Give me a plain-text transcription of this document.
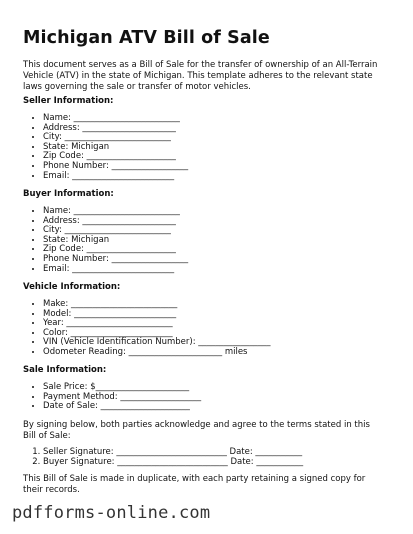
Michigan ATV Bill of Sale

This document serves as a Bill of Sale for the transfer of ownership of an All-Terrain Vehicle (ATV) in the state of Michigan. This template adheres to the relevant state laws governing the sale or transfer of motor vehicles.

Seller Information:
• Name: _________________________
• Address: ______________________
• City: _________________________
• State: Michigan
• Zip Code: _____________________
• Phone Number: __________________
• Email: ________________________
Buyer Information:
• Name: _________________________
• Address: ______________________
• City: _________________________
• State: Michigan
• Zip Code: _____________________
• Phone Number: __________________
• Email: ________________________
Vehicle Information:
• Make: _________________________
• Model: ________________________
• Year: _________________________
• Color: ________________________
• VIN (Vehicle Identification Number): _________________
• Odometer Reading: ______________________ miles
Sale Information:
• Sale Price: $______________________
• Payment Method: ___________________
• Date of Sale: _____________________

By signing below, both parties acknowledge and agree to the terms stated in this Bill of Sale:

1. Seller Signature: __________________________ Date: ___________
2. Buyer Signature: __________________________ Date: ___________

This Bill of Sale is made in duplicate, with each party retaining a signed copy for their records.

pdfforms-online.com
